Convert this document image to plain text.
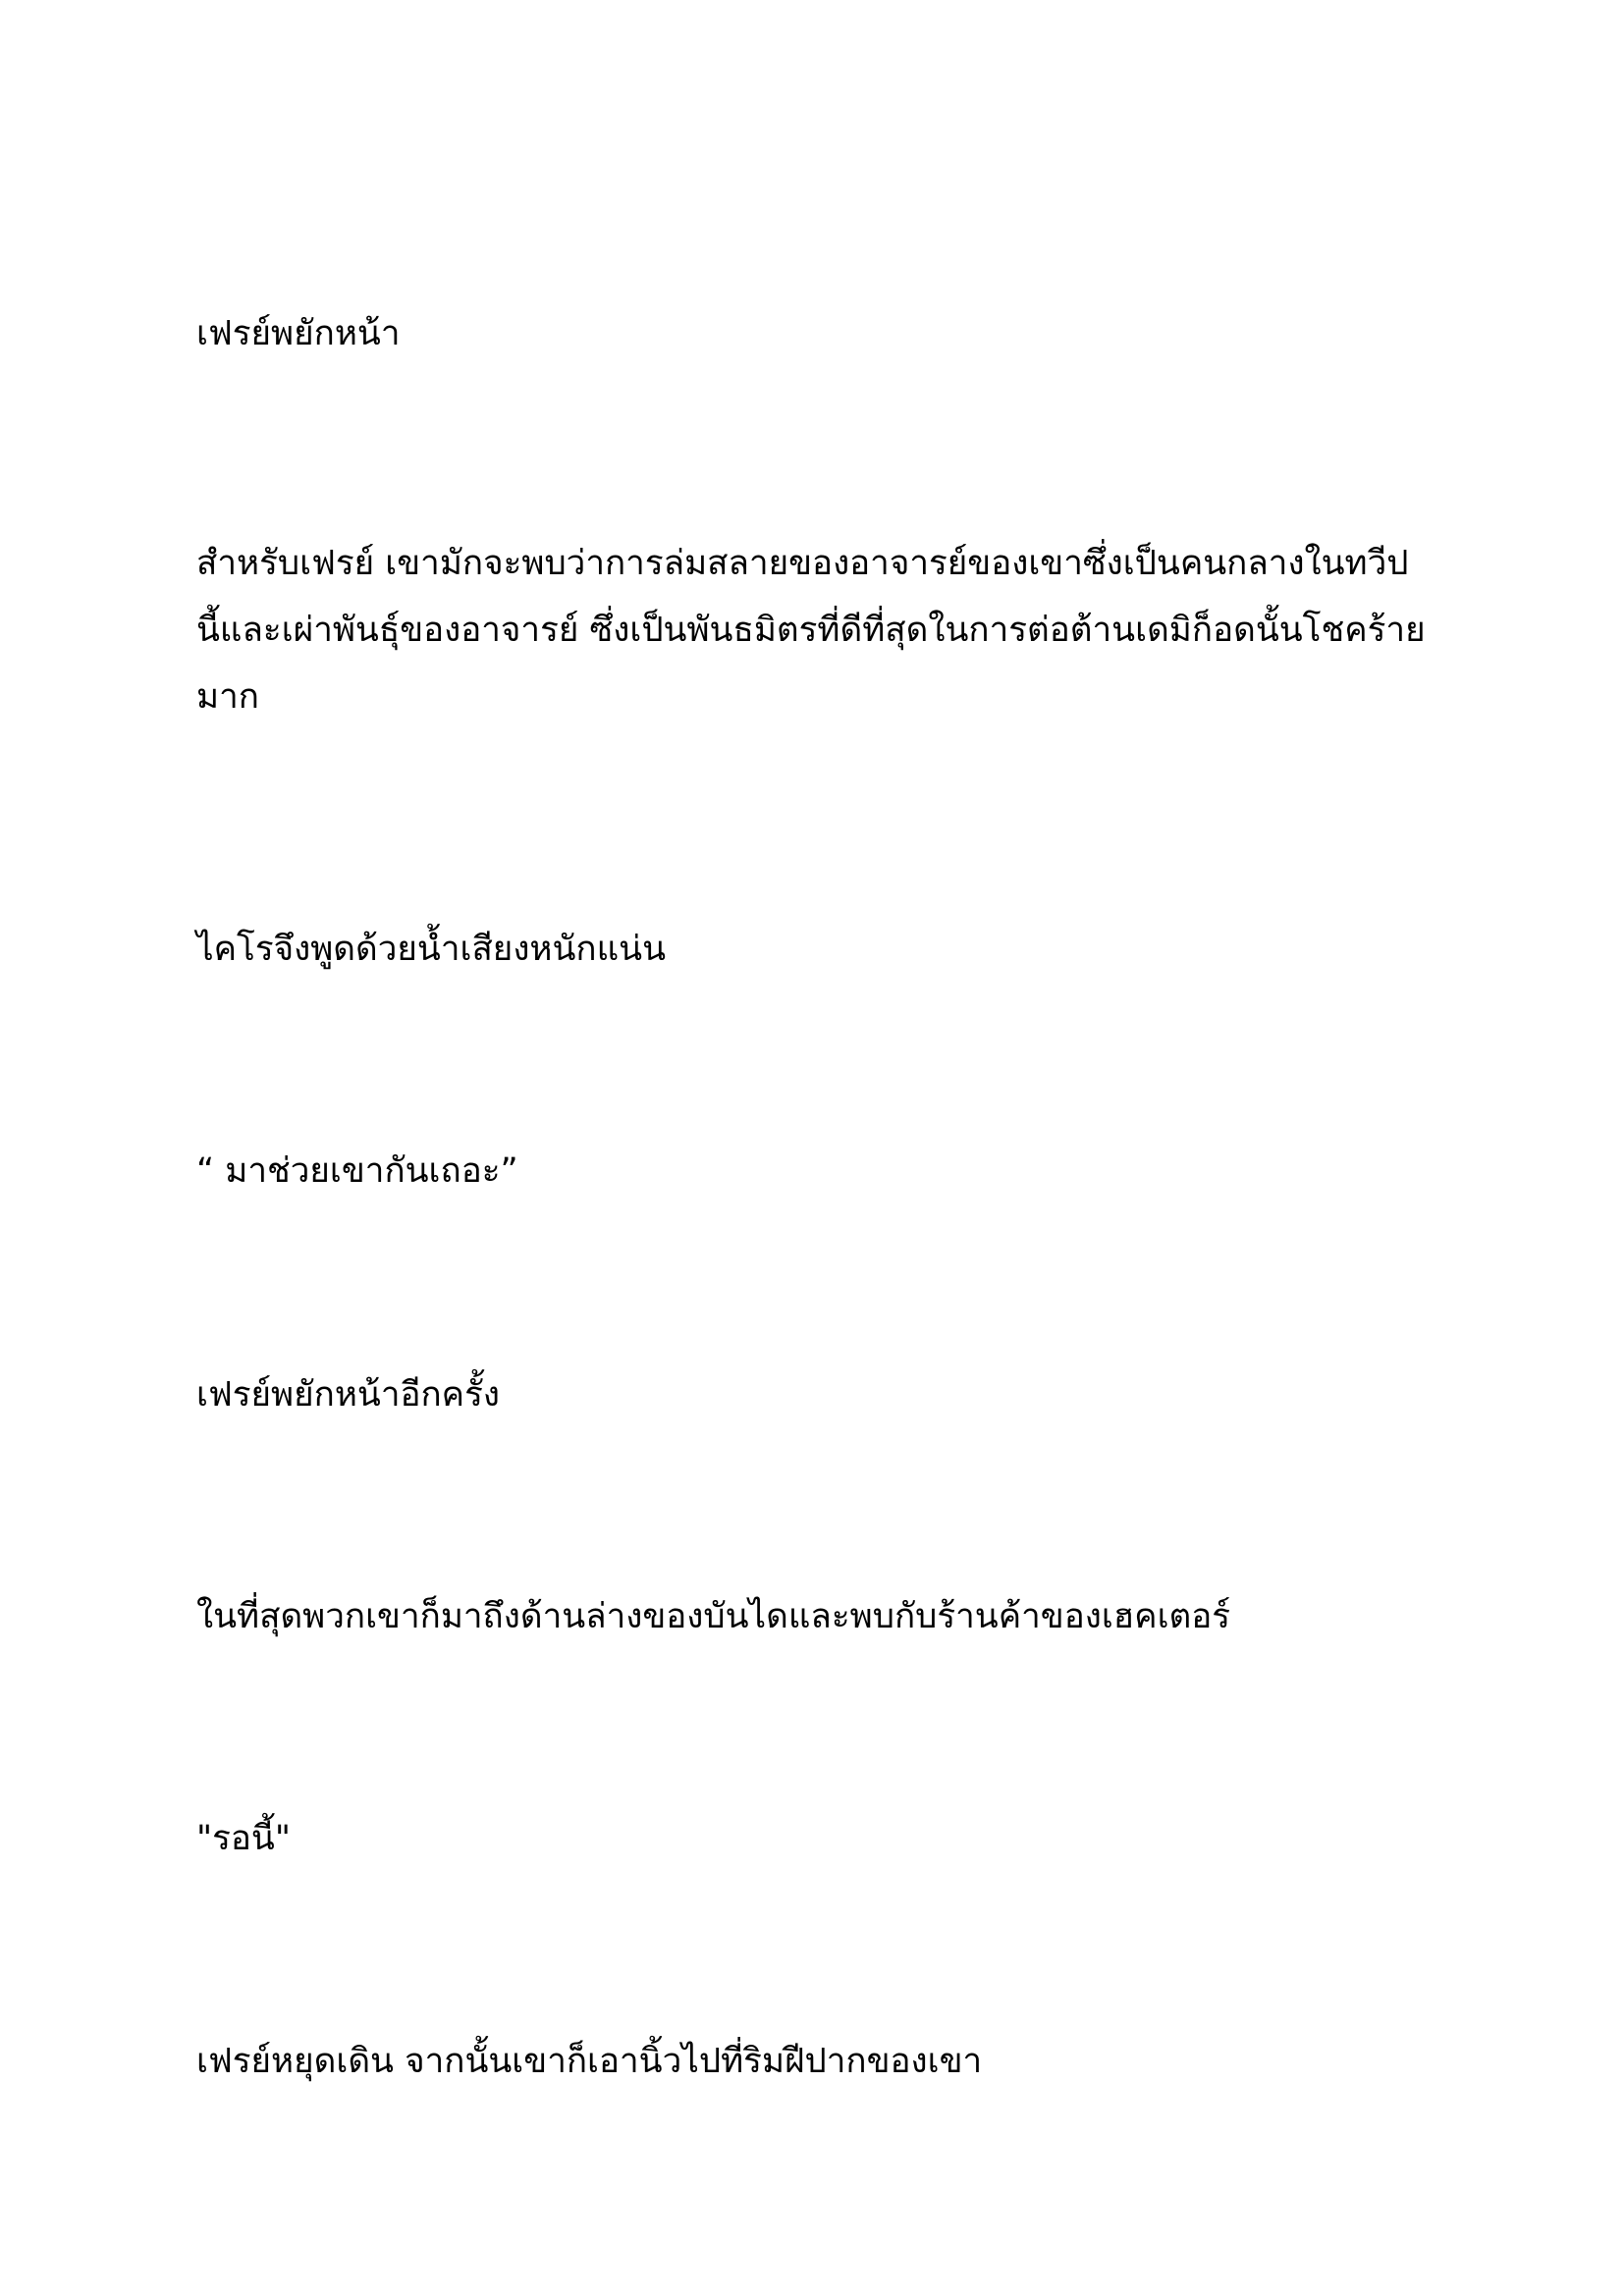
เฟรย์พยักหน้า

สำหรับเฟรย์ เขามักจะพบว่าการล่มสลายของอาจารย์ของเขาซึ่งเป็นคนกลางในทวีป
นี้และเผ่าพันธุ์ของอาจารย์ ซึ่งเป็นพันธมิตรที่ดีที่สุดในการต่อต้านเดมิก็อดนั้นโชคร้าย
มาก

ไคโรจึงพูดด้วยน้ำเสียงหนักแน่น

“ มาช่วยเขากันเถอะ”

เฟรย์พยักหน้าอีกครั้ง

ในที่สุดพวกเขาก็มาถึงด้านล่างของบันไดและพบกับร้านค้าของเฮคเตอร์

"รอนี้"

เฟรย์หยุดเดิน จากนั้นเขาก็เอานิ้วไปที่ริมฝีปากของเขา
